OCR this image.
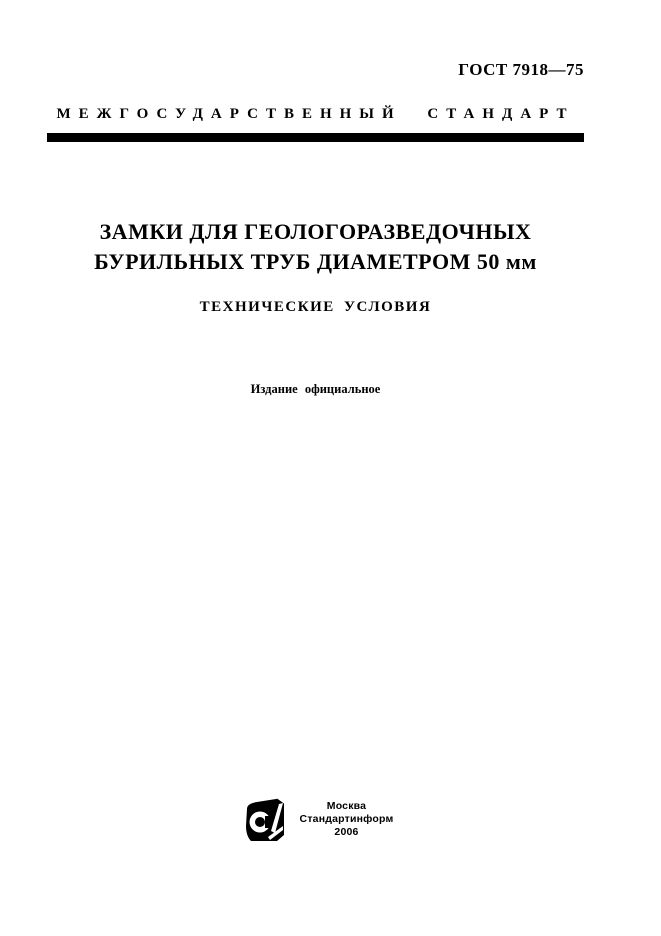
ГОСТ 7918—75
МЕЖГОСУДАРСТВЕННЫЙ СТАНДАРТ
ЗАМКИ ДЛЯ ГЕОЛОГОРАЗВЕДОЧНЫХ
БУРИЛЬНЫХ ТРУБ ДИАМЕТРОМ 50 мм
ТЕХНИЧЕСКИЕ УСЛОВИЯ
Издание официальное
Москва
Стандартинформ
2006
